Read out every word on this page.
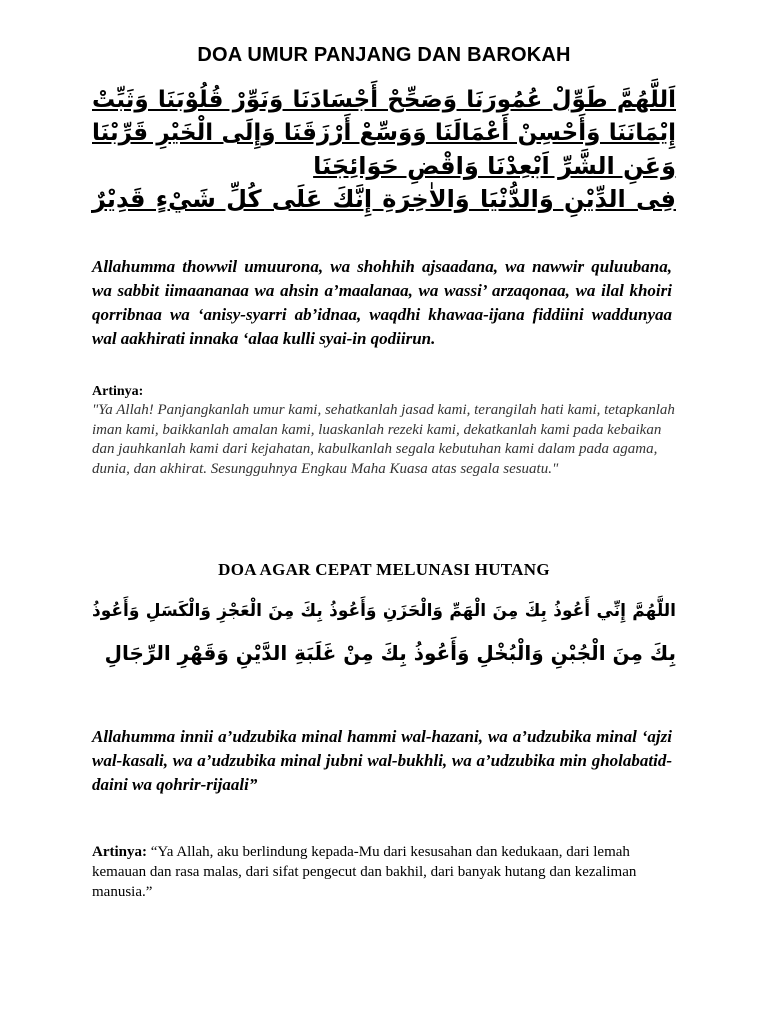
DOA UMUR PANJANG DAN BAROKAH
اَللَّهُمَّ طَوِّلْ عُمُورَنَا وَصَحِّحْ أَجْسَادَنَا وَنَوِّرْ قُلُوْبَنَا وَثَبِّتْ
إِيْمَانَنَا وَأَحْسِنْ أَعْمَالَنَا وَوَسِّعْ أَرْزَقَنَا وَإِلَى الْخَيْرِ قَرِّبْنَا
وَعَنِ الشَّرِّ اَبْعِدْنَا وَاقْضِ حَوَائِجَنَا
فِى الدِّيْنِ وَالدُّنْيَا وَالاٰخِرَةِ إِنَّكَ عَلَى كُلِّ شَيْءٍ قَدِيْرٌ
Allahumma thowwil umuurona, wa shohhih ajsaadana, wa nawwir quluubana, wa sabbit iimaananaa wa ahsin a’maalanaa, wa wassi’ arzaqonaa, wa ilal khoiri qorribnaa wa ‘anisy-syarri ab’idnaa, waqdhi khawaa-ijana fiddiini waddunyaa wal aakhirati innaka ‘alaa kulli syai-in qodiirun.
Artinya:
"Ya Allah! Panjangkanlah umur kami, sehatkanlah jasad kami, terangilah hati kami, tetapkanlah iman kami, baikkanlah amalan kami, luaskanlah rezeki kami, dekatkanlah kami pada kebaikan dan jauhkanlah kami dari kejahatan, kabulkanlah segala kebutuhan kami dalam pada agama, dunia, dan akhirat. Sesungguhnya Engkau Maha Kuasa atas segala sesuatu."
DOA AGAR CEPAT MELUNASI HUTANG
اللَّهُمَّ إِنِّي أَعُوذُ بِكَ مِنَ الْهَمِّ وَالْحَزَنِ وَأَعُوذُ بِكَ مِنَ الْعَجْزِ وَالْكَسَلِ وَأَعُوذُ
بِكَ مِنَ الْجُبْنِ وَالْبُخْلِ وَأَعُوذُ بِكَ مِنْ غَلَبَةِ الدَّيْنِ وَقَهْرِ الرِّجَالِ
Allahumma innii a’udzubika minal hammi wal-hazani, wa a’udzubika minal ‘ajzi wal-kasali, wa a’udzubika minal jubni wal-bukhli, wa a’udzubika min gholabatid-daini wa qohrir-rijaali”
Artinya: “Ya Allah, aku berlindung kepada-Mu dari kesusahan dan kedukaan, dari lemah kemauan dan rasa malas, dari sifat pengecut dan bakhil, dari banyak hutang dan kezaliman manusia.”
